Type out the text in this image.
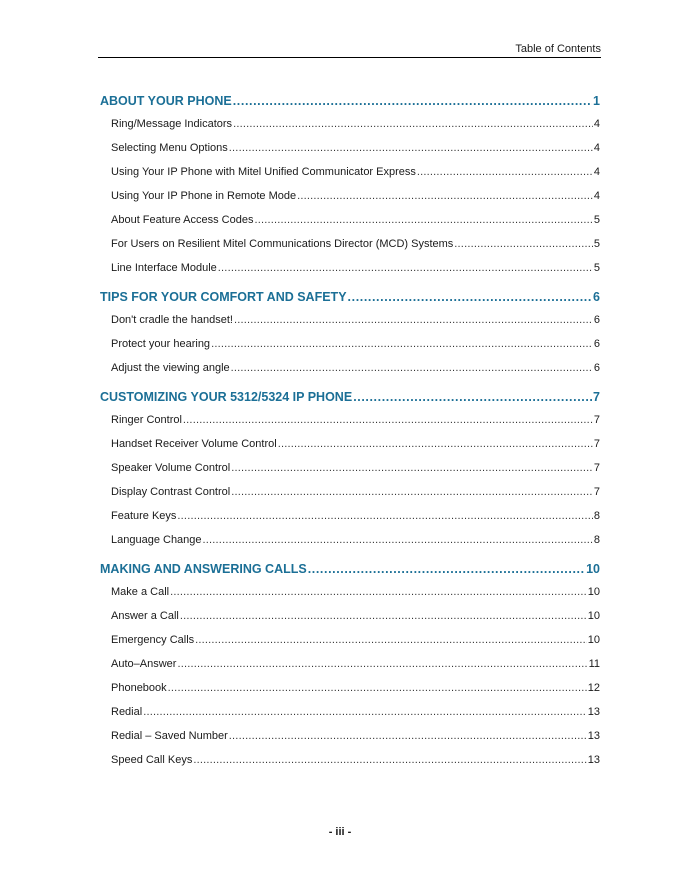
Table of Contents
ABOUT YOUR PHONE .....	1
Ring/Message Indicators .....	4
Selecting Menu Options .....	4
Using Your IP Phone with Mitel Unified Communicator Express .....	4
Using Your IP Phone in Remote Mode .....	4
About Feature Access Codes .....	5
For Users on Resilient Mitel Communications Director (MCD) Systems .....	5
Line Interface Module .....	5
TIPS FOR YOUR COMFORT AND SAFETY .....	6
Don't cradle the handset! .....	6
Protect your hearing .....	6
Adjust the viewing angle .....	6
CUSTOMIZING YOUR 5312/5324 IP PHONE .....	7
Ringer Control .....	7
Handset Receiver Volume Control .....	7
Speaker Volume Control .....	7
Display Contrast Control .....	7
Feature Keys .....	8
Language Change .....	8
MAKING AND ANSWERING CALLS .....	10
Make a Call .....	10
Answer a Call .....	10
Emergency Calls .....	10
Auto–Answer .....	11
Phonebook .....	12
Redial .....	13
Redial – Saved Number .....	13
Speed Call Keys .....	13
- iii -
